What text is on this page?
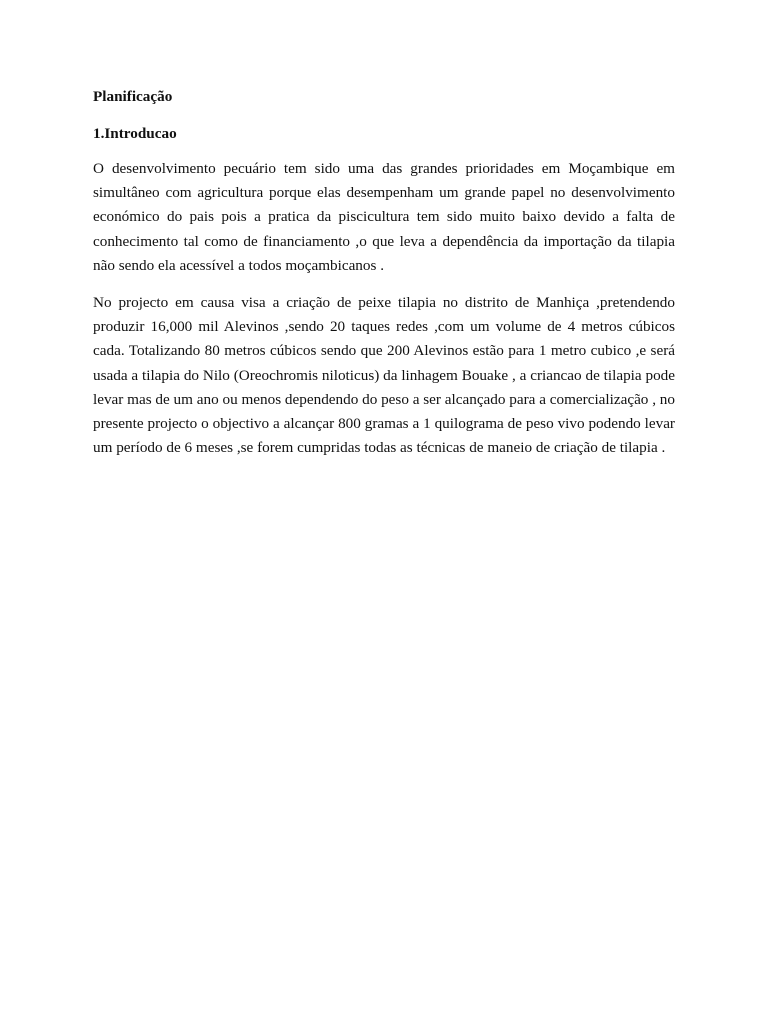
Planificação

1.Introducao

O desenvolvimento pecuário tem sido uma das grandes prioridades em Moçambique em simultâneo com agricultura porque elas desempenham um grande papel no desenvolvimento económico do pais pois a pratica da piscicultura tem sido muito baixo devido a falta de conhecimento tal como de financiamento ,o que leva a dependência da importação da tilapia não sendo ela acessível a todos moçambicanos .

No projecto em causa visa a criação de peixe tilapia no distrito de Manhiça ,pretendendo produzir 16,000 mil Alevinos ,sendo 20 taques redes ,com um volume de 4 metros cúbicos cada. Totalizando 80 metros cúbicos sendo que 200 Alevinos estão para 1 metro cubico ,e será usada a tilapia do Nilo (Oreochromis niloticus) da linhagem Bouake , a criancao de tilapia pode levar mas de um ano ou menos dependendo do peso a ser alcançado para a comercialização , no presente projecto o objectivo a alcançar 800 gramas a 1 quilograma de peso vivo podendo levar um período de 6 meses ,se forem cumpridas todas as técnicas de maneio de criação de tilapia .
